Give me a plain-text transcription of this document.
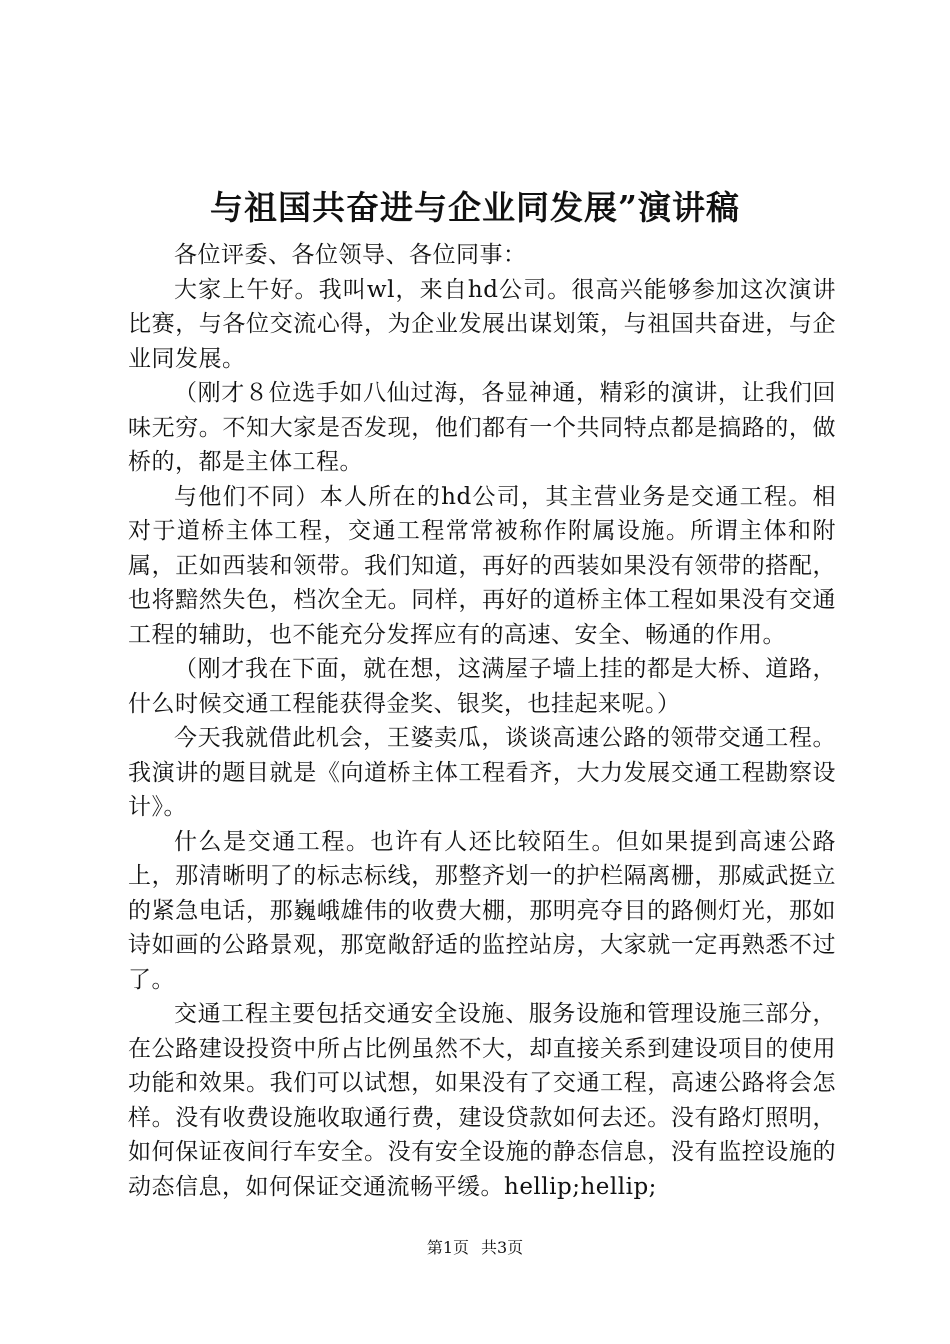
与祖国共奋进与企业同发展”演讲稿

各位评委、各位领导、各位同事：

大家上午好。我叫wl，来自hd公司。很高兴能够参加这次演讲比赛，与各位交流心得，为企业发展出谋划策，与祖国共奋进，与企业同发展。

（刚才８位选手如八仙过海，各显神通，精彩的演讲，让我们回味无穷。不知大家是否发现，他们都有一个共同特点都是搞路的，做桥的，都是主体工程。

与他们不同）本人所在的hd公司，其主营业务是交通工程。相对于道桥主体工程，交通工程常常被称作附属设施。所谓主体和附属，正如西装和领带。我们知道，再好的西装如果没有领带的搭配，也将黯然失色，档次全无。同样，再好的道桥主体工程如果没有交通工程的辅助，也不能充分发挥应有的高速、安全、畅通的作用。

（刚才我在下面，就在想，这满屋子墙上挂的都是大桥、道路，什么时候交通工程能获得金奖、银奖，也挂起来呢。）

今天我就借此机会，王婆卖瓜，谈谈高速公路的领带交通工程。我演讲的题目就是《向道桥主体工程看齐，大力发展交通工程勘察设计》。

什么是交通工程。也许有人还比较陌生。但如果提到高速公路上，那清晰明了的标志标线，那整齐划一的护栏隔离栅，那威武挺立的紧急电话，那巍峨雄伟的收费大棚，那明亮夺目的路侧灯光，那如诗如画的公路景观，那宽敞舒适的监控站房，大家就一定再熟悉不过了。

交通工程主要包括交通安全设施、服务设施和管理设施三部分，在公路建设投资中所占比例虽然不大，却直接关系到建设项目的使用功能和效果。我们可以试想，如果没有了交通工程，高速公路将会怎样。没有收费设施收取通行费，建设贷款如何去还。没有路灯照明，如何保证夜间行车安全。没有安全设施的静态信息，没有监控设施的动态信息，如何保证交通流畅平缓。hellip;hellip;

第1页 共3页
